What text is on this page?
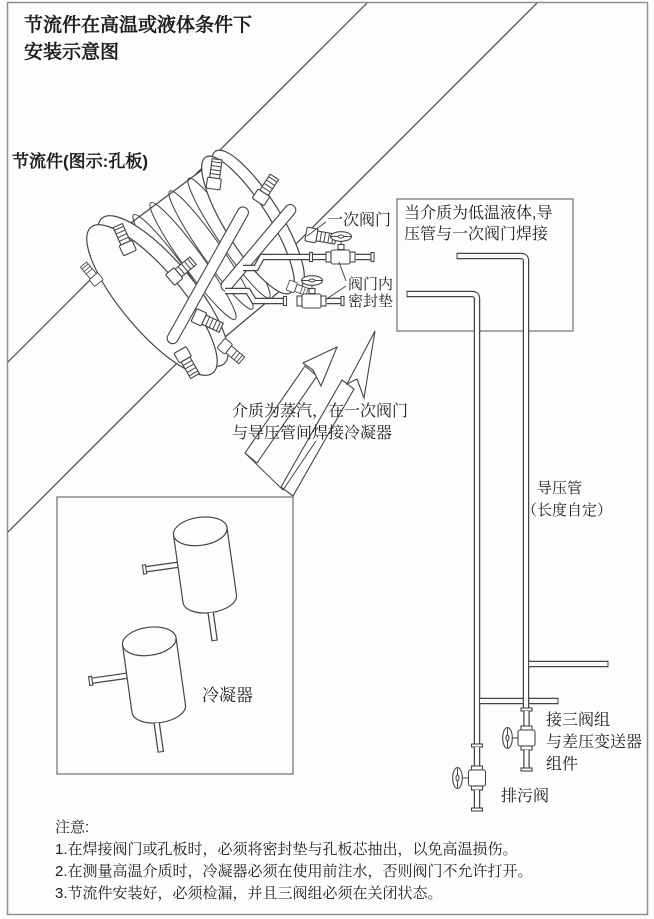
节流件在高温或液体条件下
安装示意图
节流件(图示:孔板)
一次阀门 当介质为低温液体,导
压管与一次阀门焊接
阀门内
密封垫
介质为蒸汽，在一次阀门
与导压管间焊接冷凝器
导压管
（长度自定）
冷凝器
接三阀组
与差压变送器
组件
排污阀
注意:
1.在焊接阀门或孔板时，必须将密封垫与孔板芯抽出，以免高温损伤。
2.在测量高温介质时，冷凝器必须在使用前注水，否则阀门不允许打开。
3.节流件安装好，必须检漏，并且三阀组必须在关闭状态。
